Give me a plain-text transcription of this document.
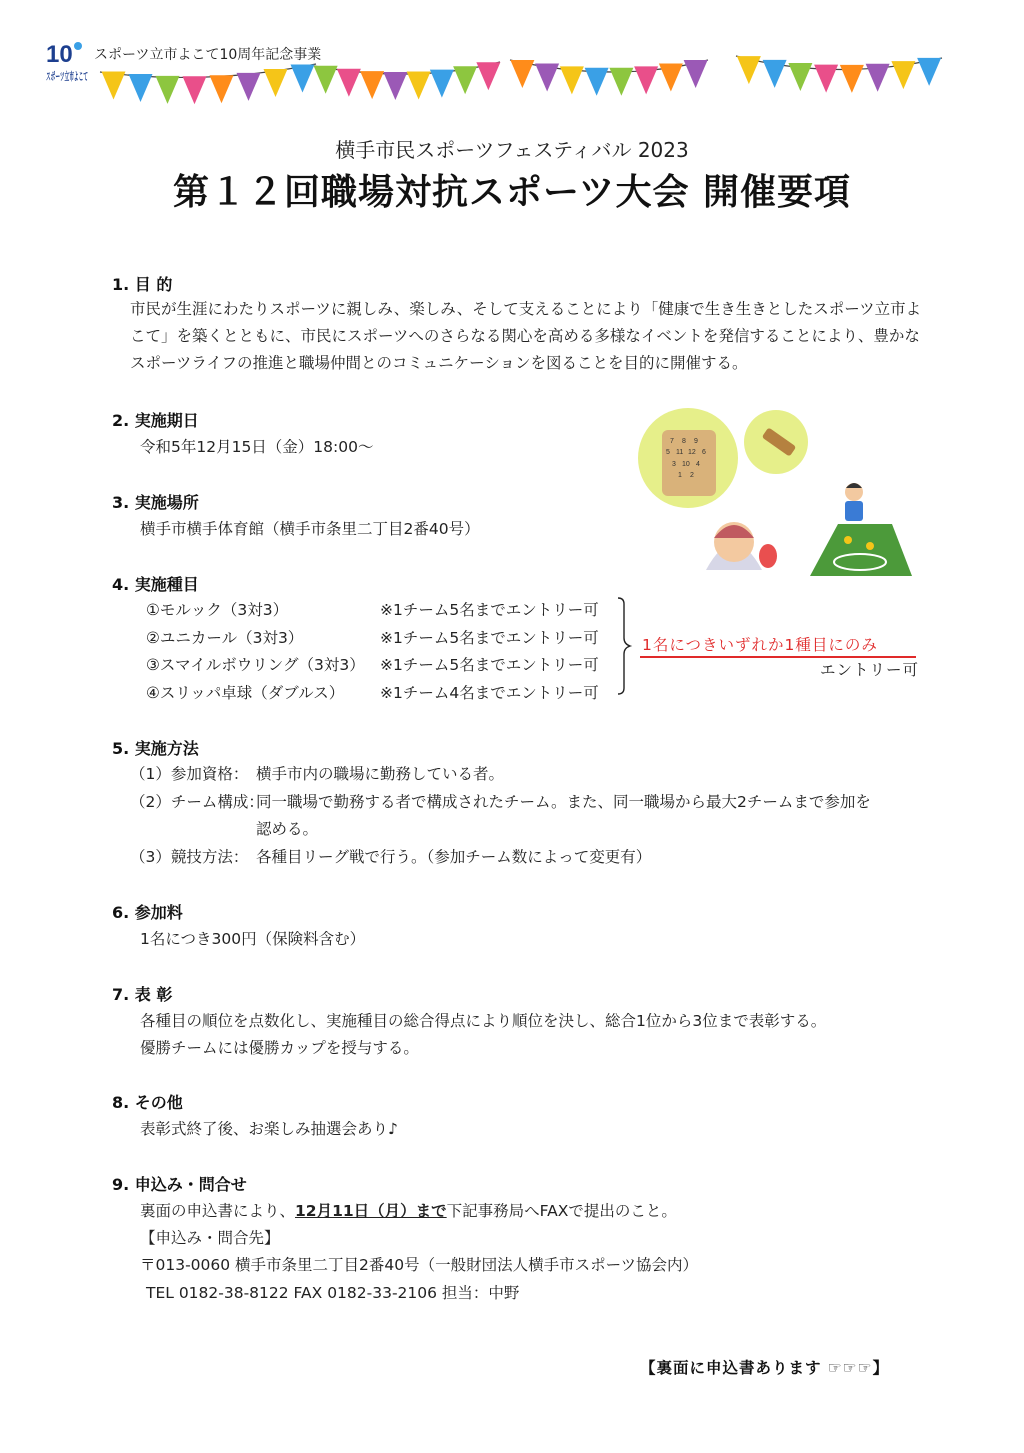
10
スポーツ立市よこて
スポーツ立市よこて10周年記念事業
横手市民スポーツフェスティバル 2023
第１２回職場対抗スポーツ大会 開催要項
1. 目 的
市民が生涯にわたりスポーツに親しみ、楽しみ、そして支えることにより「健康で生き生きとしたスポーツ立市よこて」を築くとともに、市民にスポーツへのさらなる関心を高める多様なイベントを発信することにより、豊かなスポーツライフの推進と職場仲間とのコミュニケーションを図ることを目的に開催する。
2. 実施期日
令和5年12月15日（金）18:00～
3. 実施場所
横手市横手体育館（横手市条里二丁目2番40号）
7 8 9
5 11 12 6
3 10 4
1 2
4. 実施種目
①モルック（3対3）	※1チーム5名までエントリー可
②ユニカール（3対3）	※1チーム5名までエントリー可
③スマイルボウリング（3対3） ※1チーム5名までエントリー可
④スリッパ卓球（ダブルス） ※1チーム4名までエントリー可
1名につきいずれか1種目にのみ
エントリー可
5. 実施方法
（1）参加資格： 横手市内の職場に勤務している者。
（2）チーム構成：
同一職場で勤務する者で構成されたチーム。また、同一職場から最大2チームまで参加を
認める。
（3）競技方法： 各種目リーグ戦で行う。（参加チーム数によって変更有）
6. 参加料
1名につき300円（保険料含む）
7. 表 彰
各種目の順位を点数化し、実施種目の総合得点により順位を決し、総合1位から3位まで表彰する。
優勝チームには優勝カップを授与する。
8. その他
表彰式終了後、お楽しみ抽選会あり♪
9. 申込み・問合せ
裏面の申込書により、12月11日（月）まで下記事務局へFAXで提出のこと。
【申込み・問合先】
〒013-0060 横手市条里二丁目2番40号（一般財団法人横手市スポーツ協会内）
TEL 0182-38-8122 FAX 0182-33-2106 担当：中野
【裏面に申込書あります ☞☞☞】
